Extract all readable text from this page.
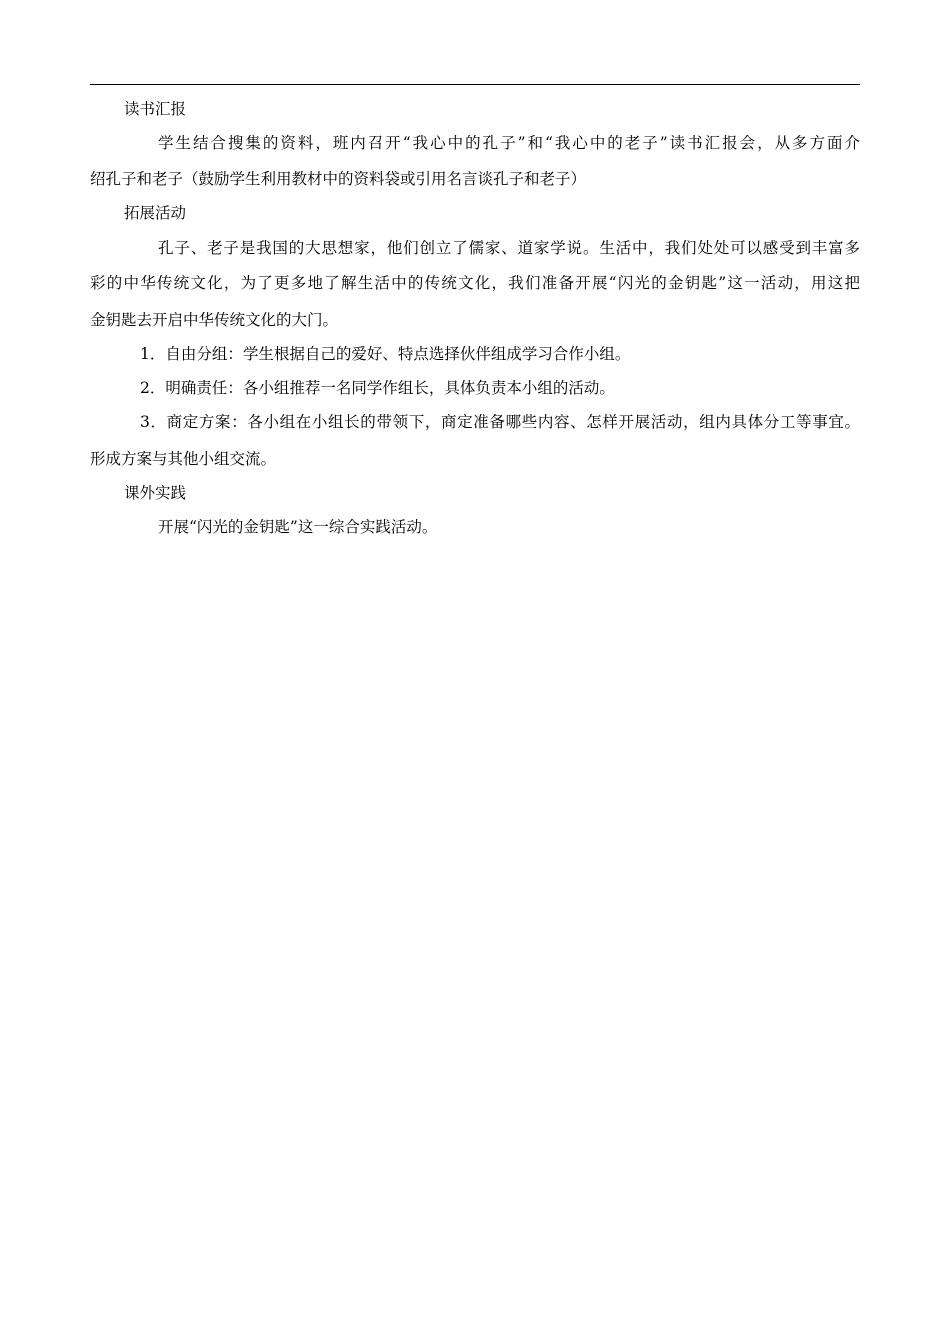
读书汇报
学生结合搜集的资料，班内召开“我心中的孔子”和“我心中的老子”读书汇报会，从多方面介
绍孔子和老子（鼓励学生利用教材中的资料袋或引用名言谈孔子和老子）
拓展活动
孔子、老子是我国的大思想家，他们创立了儒家、道家学说。生活中，我们处处可以感受到丰富多
彩的中华传统文化，为了更多地了解生活中的传统文化，我们准备开展“闪光的金钥匙”这一活动，用这把
金钥匙去开启中华传统文化的大门。
1．自由分组：学生根据自己的爱好、特点选择伙伴组成学习合作小组。
2．明确责任：各小组推荐一名同学作组长，具体负责本小组的活动。
3．商定方案：各小组在小组长的带领下，商定准备哪些内容、怎样开展活动，组内具体分工等事宜。
形成方案与其他小组交流。
课外实践
开展“闪光的金钥匙”这一综合实践活动。
